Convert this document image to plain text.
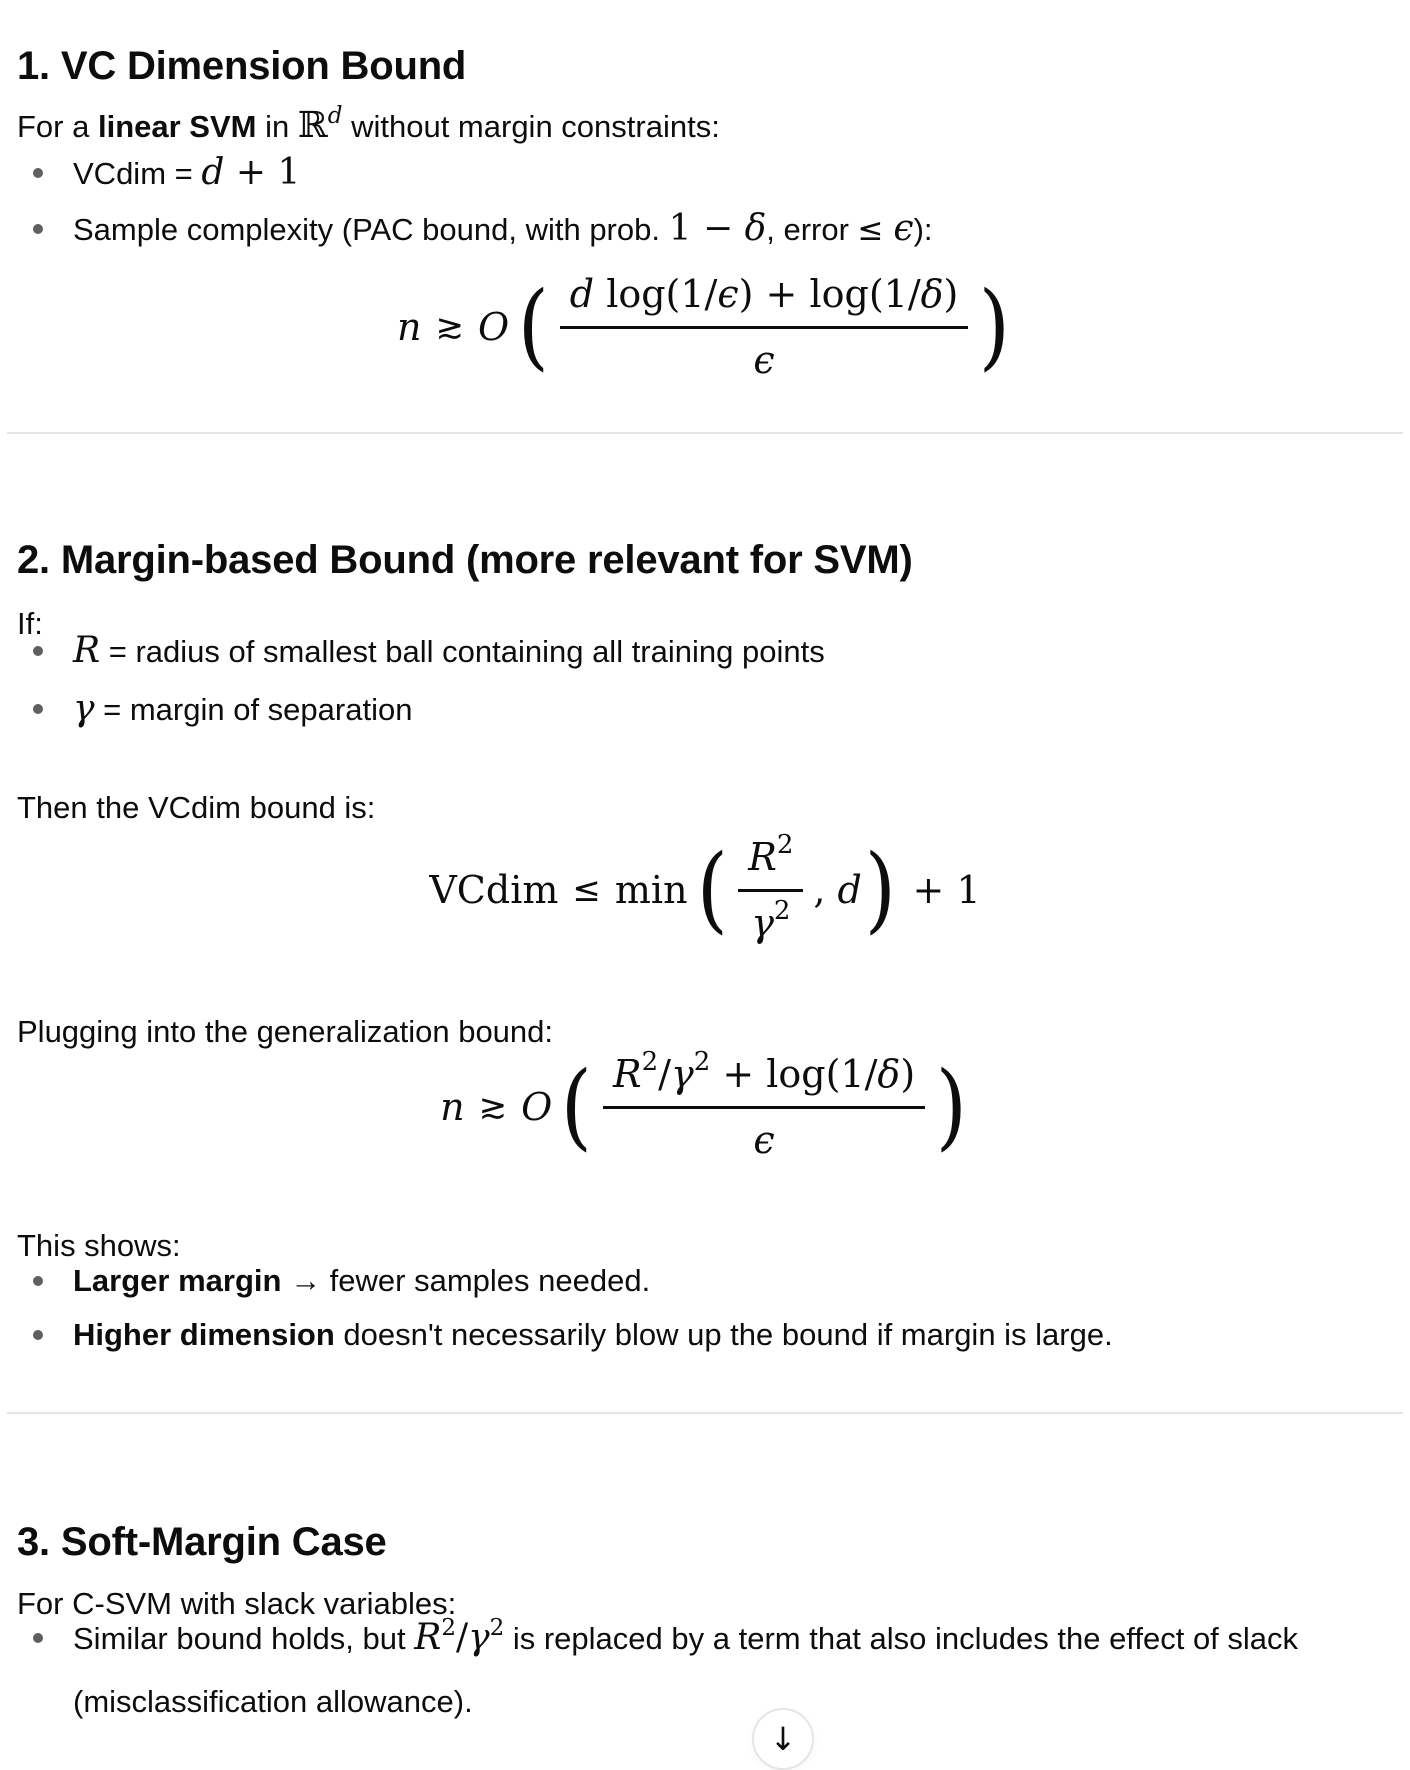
1. VC Dimension Bound

For a linear SVM in ℝ$^d$ without margin constraints:

VCdim = d + 1
Sample complexity (PAC bound, with prob. 1 − δ, error ≤ ϵ):
n ≳ O ( $\frac{\text{d log(1/ϵ) + log(1/δ)}}{\epsilon}$ )
2. Margin-based Bound (more relevant for SVM)

If:

R = radius of smallest ball containing all training points
γ = margin of separation

Then the VCdim bound is:

VCdim ≤ min ( $\frac{R^2}{\gamma^2}$ , d ) + 1

Plugging into the generalization bound:

n ≳ O ( $\frac{R^2/\gamma^2 + \log(1/\delta)}{\epsilon}$ )

This shows:

Larger margin → fewer samples needed.
Higher dimension doesn't necessarily blow up the bound if margin is large.
3. Soft-Margin Case

For C-SVM with slack variables:

Similar bound holds, but $R^2/\gamma^2$ is replaced by a term that also includes the effect of slack (misclassification allowance).
↓
